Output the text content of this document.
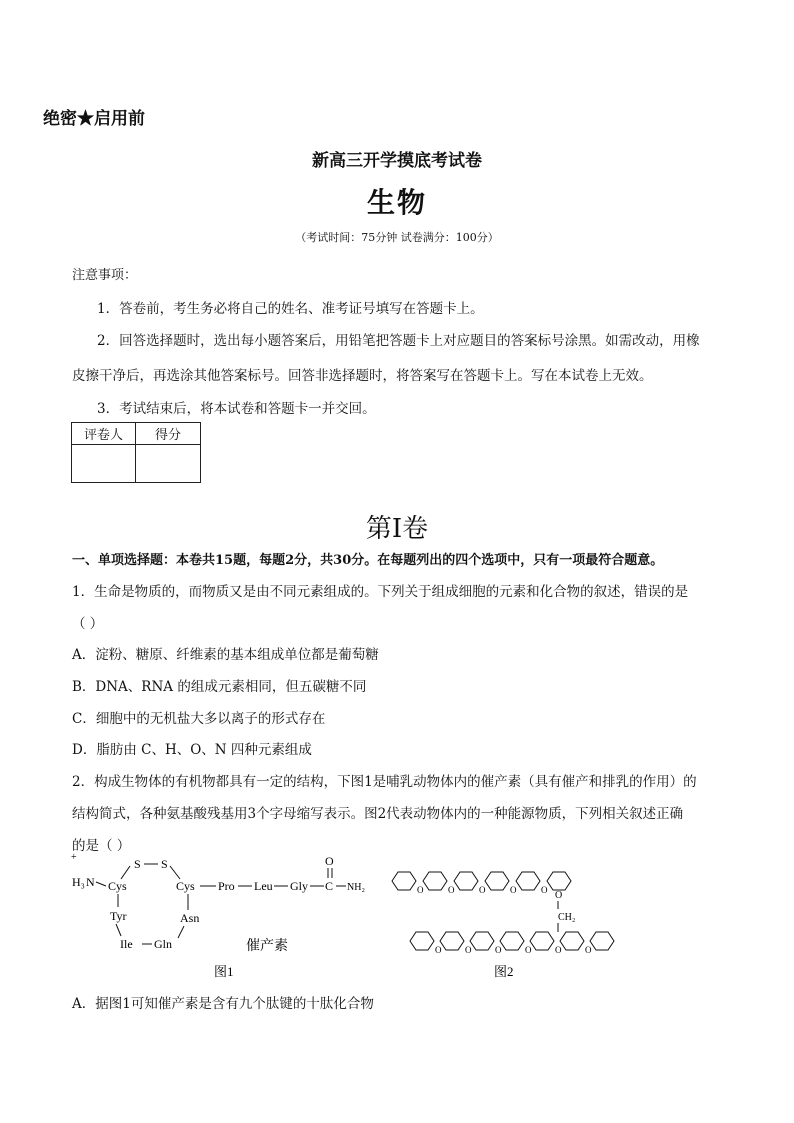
绝密★启用前
新高三开学摸底考试卷
生物
（考试时间：75分钟 试卷满分：100分）
注意事项：
1．答卷前，考生务必将自己的姓名、准考证号填写在答题卡上。
2．回答选择题时，选出每小题答案后，用铅笔把答题卡上对应题目的答案标号涂黑。如需改动，用橡
皮擦干净后，再选涂其他答案标号。回答非选择题时，将答案写在答题卡上。写在本试卷上无效。
3．考试结束后，将本试卷和答题卡一并交回。
评卷人	得分

第I卷
一、单项选择题：本卷共15题，每题2分，共30分。在每题列出的四个选项中，只有一项最符合题意。
1．生命是物质的，而物质又是由不同元素组成的。下列关于组成细胞的元素和化合物的叙述，错误的是
（ ）
A．淀粉、糖原、纤维素的基本组成单位都是葡萄糖
B．DNA、RNA 的组成元素相同，但五碳糖不同
C．细胞中的无机盐大多以离子的形式存在
D．脂肪由 C、H、O、N 四种元素组成
2．构成生物体的有机物都具有一定的结构，下图1是哺乳动物体内的催产素（具有催产和排乳的作用）的
结构简式，各种氨基酸残基用3个字母缩写表示。图2代表动物体内的一种能源物质，下列相关叙述正确
的是（ ）
+
H₃ N Cys
S S
Cys
Tyr
Ile Gln
Asn
Pro Leu Gly C
O
NH₂
催产素
图1
O	O	O	O	O
O	O	O	O	O	O
O
CH₂
图2
A．据图1可知催产素是含有九个肽键的十肽化合物
